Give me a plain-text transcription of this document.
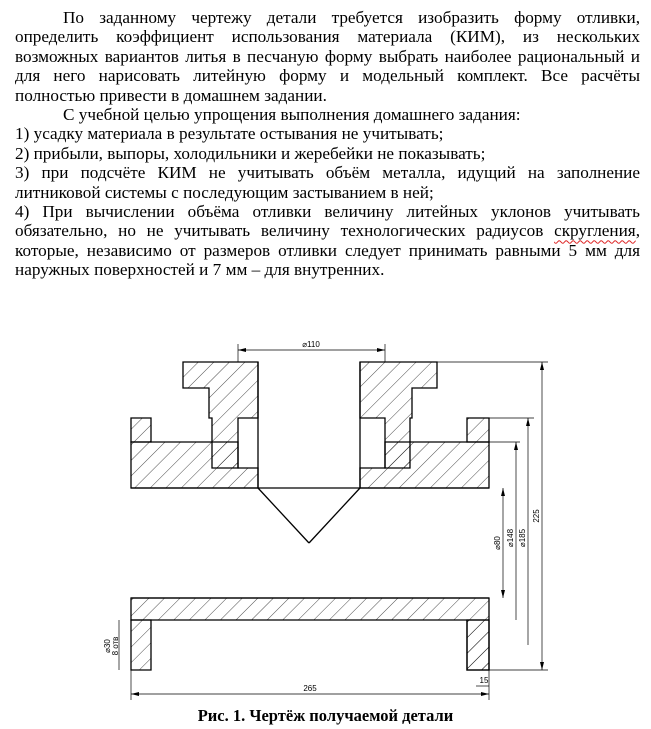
По заданному чертежу детали требуется изобразить форму отливки, определить коэффициент использования материала (КИМ), из нескольких возможных вариантов литья в песчаную форму выбрать наиболее рациональный и для него нарисовать литейную форму и модельный комплект. Все расчёты полностью привести в домашнем задании.

С учебной целью упрощения выполнения домашнего задания:

1) усадку материала в результате остывания не учитывать;

2) прибыли, выпоры, холодильники и жеребейки не показывать;

3) при подсчёте КИМ не учитывать объём металла, идущий на заполнение литниковой системы с последующим застыванием в ней;

4) При вычислении объёма отливки величину литейных уклонов учитывать обязательно, но не учитывать величину технологических радиусов скругления, которые, независимо от размеров отливки следует принимать равными 5 мм для наружных поверхностей и 7 мм – для внутренних.

⌀110
265
15
225
⌀185
⌀148
⌀80
⌀30 8 отв
Рис. 1. Чертёж получаемой детали
